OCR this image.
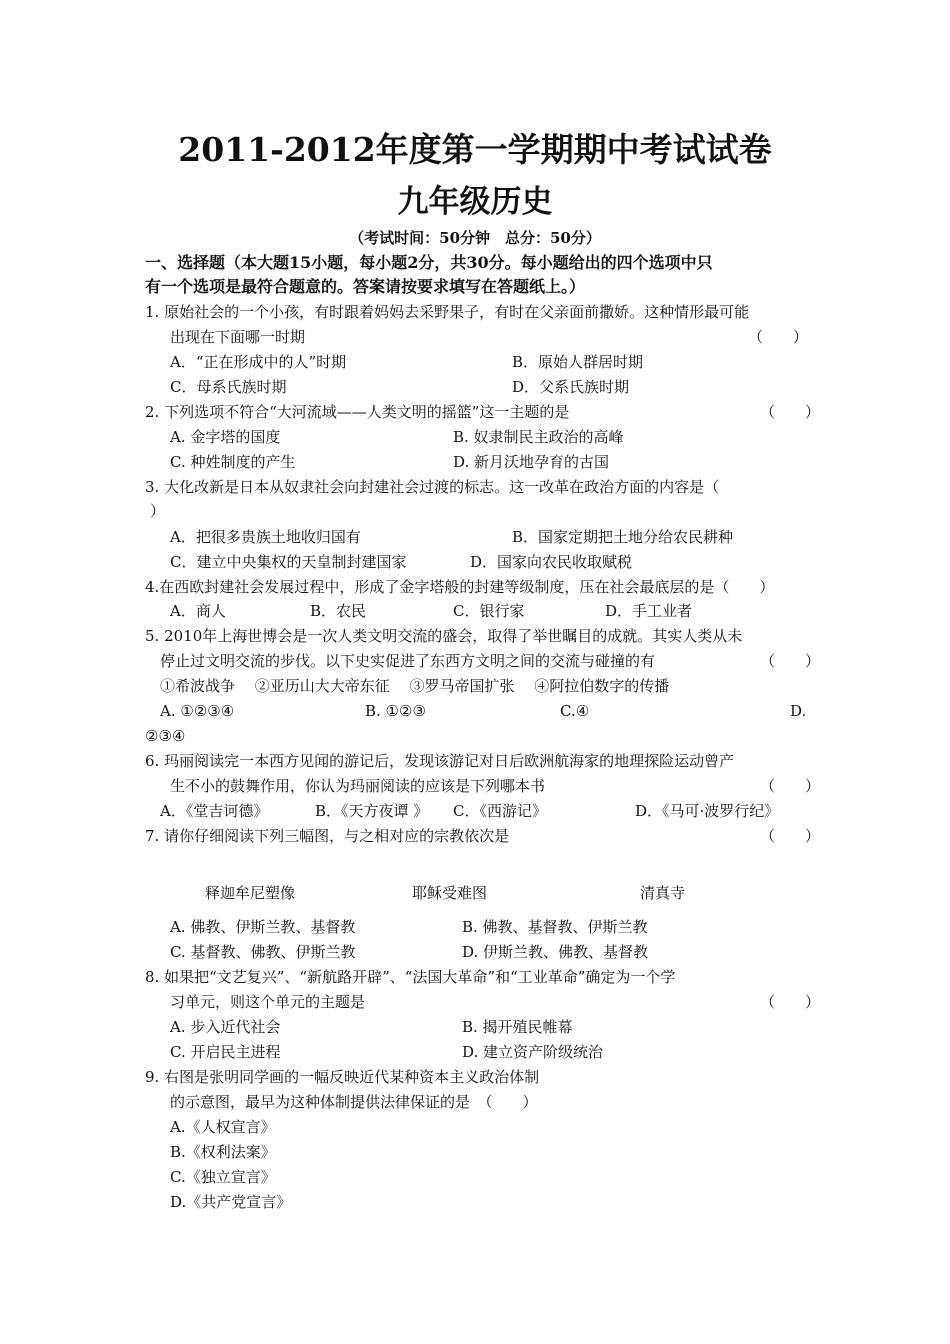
2011-2012年度第一学期期中考试试卷
九年级历史
（考试时间：50分钟　总分：50分）
一、选择题（本大题15小题，每小题2分，共30分。每小题给出的四个选项中只
有一个选项是最符合题意的。答案请按要求填写在答题纸上。）
1. 原始社会的一个小孩，有时跟着妈妈去采野果子，有时在父亲面前撒娇。这种情形最可能
出现在下面哪一时期	（　　）
A．“正在形成中的人”时期	B．原始人群居时期
C．母系氏族时期	D．父系氏族时期
2. 下列选项不符合“大河流域——人类文明的摇篮”这一主题的是	（　　）
A. 金字塔的国度	B. 奴隶制民主政治的高峰
C. 种姓制度的产生	D. 新月沃地孕育的古国
3. 大化改新是日本从奴隶社会向封建社会过渡的标志。这一改革在政治方面的内容是（
）
A．把很多贵族土地收归国有	B．国家定期把土地分给农民耕种
C．建立中央集权的天皇制封建国家	D．国家向农民收取赋税
4.在西欧封建社会发展过程中，形成了金字塔般的封建等级制度，压在社会最底层的是（　　）
A．商人	B．农民	C．银行家	D．手工业者
5. 2010年上海世博会是一次人类文明交流的盛会，取得了举世瞩目的成就。其实人类从未
停止过文明交流的步伐。以下史实促进了东西方文明之间的交流与碰撞的有	（　　）
①希波战争　 ②亚历山大大帝东征　 ③罗马帝国扩张　 ④阿拉伯数字的传播
A. ①②③④	B. ①②③	C.④	D.
②③④
6. 玛丽阅读完一本西方见闻的游记后，发现该游记对日后欧洲航海家的地理探险运动曾产
生不小的鼓舞作用，你认为玛丽阅读的应该是下列哪本书	（　　）
A．《堂吉诃德》	B．《天方夜谭 》 C．《西游记》	D．《马可·波罗行纪》
7. 请你仔细阅读下列三幅图，与之相对应的宗教依次是	（　　）
释迦牟尼塑像	耶稣受难图	清真寺
A. 佛教、伊斯兰教、基督教	B. 佛教、基督教、伊斯兰教
C. 基督教、佛教、伊斯兰教	D. 伊斯兰教、佛教、基督教
8. 如果把“文艺复兴”、“新航路开辟”、“法国大革命”和“工业革命”确定为一个学
习单元，则这个单元的主题是	（　　）
A. 步入近代社会	B. 揭开殖民帷幕
C. 开启民主进程	D. 建立资产阶级统治
9. 右图是张明同学画的一幅反映近代某种资本主义政治体制
的示意图，最早为这种体制提供法律保证的是　（　　）
A.《人权宣言》
B.《权利法案》
C.《独立宣言》
D.《共产党宣言》
